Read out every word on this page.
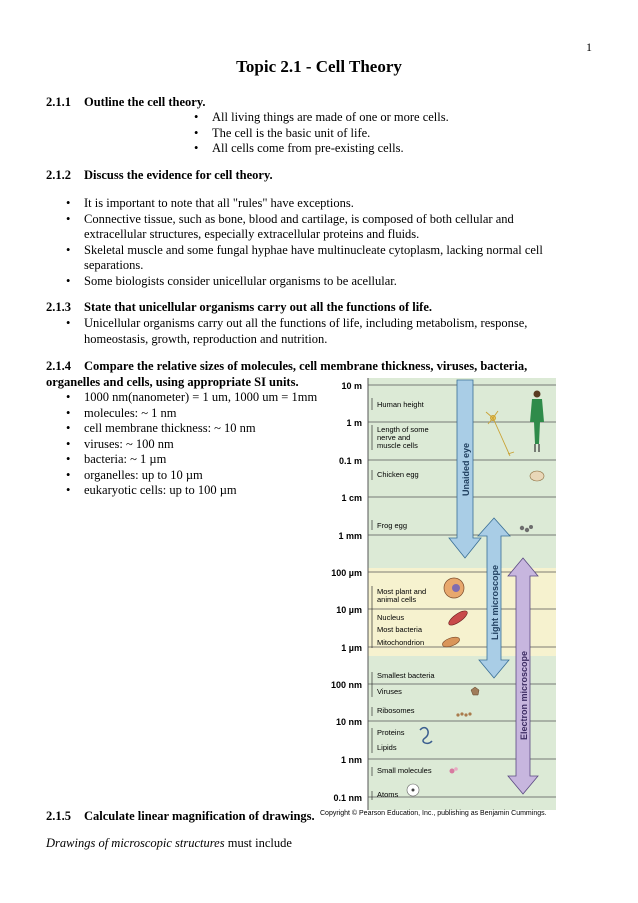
1
Topic 2.1 - Cell Theory
2.1.1 Outline the cell theory.
• All living things are made of one or more cells.
• The cell is the basic unit of life.
• All cells come from pre-existing cells.
2.1.2 Discuss the evidence for cell theory.
• It is important to note that all "rules" have exceptions.
• Connective tissue, such as bone, blood and cartilage, is composed of both cellular and extracellular structures, especially extracellular proteins and fluids.
• Skeletal muscle and some fungal hyphae have multinucleate cytoplasm, lacking normal cell separations.
• Some biologists consider unicellular organisms to be acellular.
2.1.3 State that unicellular organisms carry out all the functions of life.
• Unicellular organisms carry out all the functions of life, including metabolism, response, homeostasis, growth, reproduction and nutrition.
2.1.4 Compare the relative sizes of molecules, cell membrane thickness, viruses, bacteria, organelles and cells, using appropriate SI units.
• 1000 nm(nanometer) = 1 um, 1000 um = 1mm
• molecules: ~ 1 nm
• cell membrane thickness: ~ 10 nm
• viruses: ~ 100 nm
• bacteria: ~ 1 µm
• organelles: up to 10 µm
• eukaryotic cells: up to 100 µm
10 m
1 m
0.1 m
1 cm
1 mm
100 µm
10 µm
1 µm
100 nm
10 nm
1 nm
0.1 nm
Human height
Length of some
nerve and
muscle cells
Chicken egg
Frog egg
Most plant and
animal cells
Nucleus
Most bacteria
Mitochondrion
Smallest bacteria
Viruses
Ribosomes
Proteins
Lipids
Small molecules
Atoms
Unaided eye
Light microscope
Electron microscope
Copyright © Pearson Education, Inc., publishing as Benjamin Cummings.
2.1.5 Calculate linear magnification of drawings.
Drawings of microscopic structures must include
